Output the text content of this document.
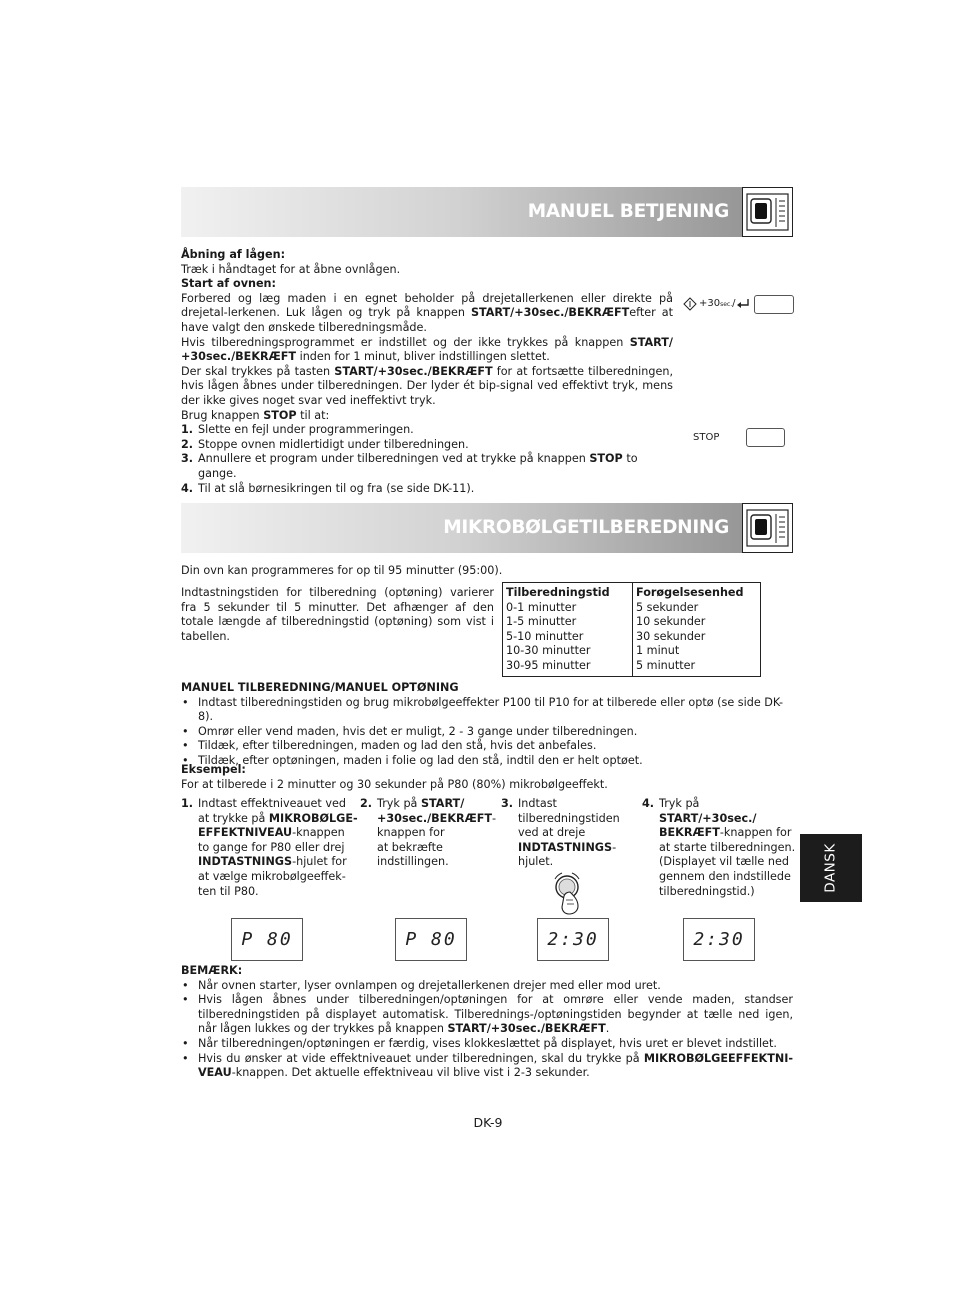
MANUEL BETJENING

Åbning af lågen:

Træk i håndtaget for at åbne ovnlågen.

Start af ovnen:

Forbered og læg maden i en egnet beholder på drejetallerkenen eller direkte på drejetal-lerkenen. Luk lågen og tryk på knappen START/+30sec./BEKRÆFTefter at have valgt den ønskede tilberedningsmåde.

Hvis tilberedningsprogrammet er indstillet og der ikke trykkes på knappen START/ +30sec./BEKRÆFT inden for 1 minut, bliver indstillingen slettet.

Der skal trykkes på tasten START/+30sec./BEKRÆFT for at fortsætte tilberedningen, hvis lågen åbnes under tilberedningen. Der lyder ét bip-signal ved effektivt tryk, mens der ikke gives noget svar ved ineffektivt tryk.

Brug knappen STOP til at:

1. Slette en fejl under programmeringen.
2. Stoppe ovnen midlertidigt under tilberedningen.
3. Annullere et program under tilberedningen ved at trykke på knappen STOP to gange.
4. Til at slå børnesikringen til og fra (se side DK-11).
+30 sec. /
STOP
MIKROBØLGETILBEREDNING
Din ovn kan programmeres for op til 95 minutter (95:00).
Indtastningstiden for tilberedning (optøning) varierer fra 5 sekunder til 5 minutter. Det afhænger af den totale længde af tilberedningstid (optøning) som vist i tabellen.
Tilberedningstid	Forøgelsesenhed
0-1 minutter	5 sekunder
1-5 minutter	10 sekunder
5-10 minutter	30 sekunder
10-30 minutter	1 minut
30-95 minutter	5 minutter
MANUEL TILBEREDNING/MANUEL OPTØNING
• Indtast tilberedningstiden og brug mikrobølgeeffekter P100 til P10 for at tilberede eller optø (se side DK-8).
• Omrør eller vend maden, hvis det er muligt, 2 - 3 gange under tilberedningen.
• Tildæk, efter tilberedningen, maden og lad den stå, hvis det anbefales.
• Tildæk, efter optøningen, maden i folie og lad den stå, indtil den er helt optøet.
Eksempel:
For at tilberede i 2 minutter og 30 sekunder på P80 (80%) mikrobølgeeffekt.
1. Indtast effektniveauet ved
at trykke på MIKROBØLGE-
EFFEKTNIVEAU-knappen
to gange for P80 eller drej
INDTASTNINGS-hjulet for
at vælge mikrobølgeeffek-
ten til P80.
2. Tryk på START/
+30sec./BEKRÆFT-
knappen for
at bekræfte
indstillingen.
3. Indtast
tilberedningstiden
ved at dreje
INDTASTNINGS-
hjulet.
4. Tryk på START/+30sec./
BEKRÆFT-knappen for
at starte tilberedningen.
(Displayet vil tælle ned
gennem den indstillede
tilberedningstid.)
P 80	P 80	2:30	2:30
BEMÆRK:
• Når ovnen starter, lyser ovnlampen og drejetallerkenen drejer med eller mod uret.
• Hvis lågen åbnes under tilberedningen/optøningen for at omrøre eller vende maden, standser tilberedningstiden på displayet automatisk. Tilberednings-/optøningstiden begynder at tælle ned igen, når lågen lukkes og der trykkes på knappen START/+30sec./BEKRÆFT.
• Når tilberedningen/optøningen er færdig, vises klokkeslættet på displayet, hvis uret er blevet indstillet.
• Hvis du ønsker at vide effektniveauet under tilberedningen, skal du trykke på MIKROBØLGEEFFEKTNI-VEAU-knappen. Det aktuelle effektniveau vil blive vist i 2-3 sekunder.
DANSK
DK-9
